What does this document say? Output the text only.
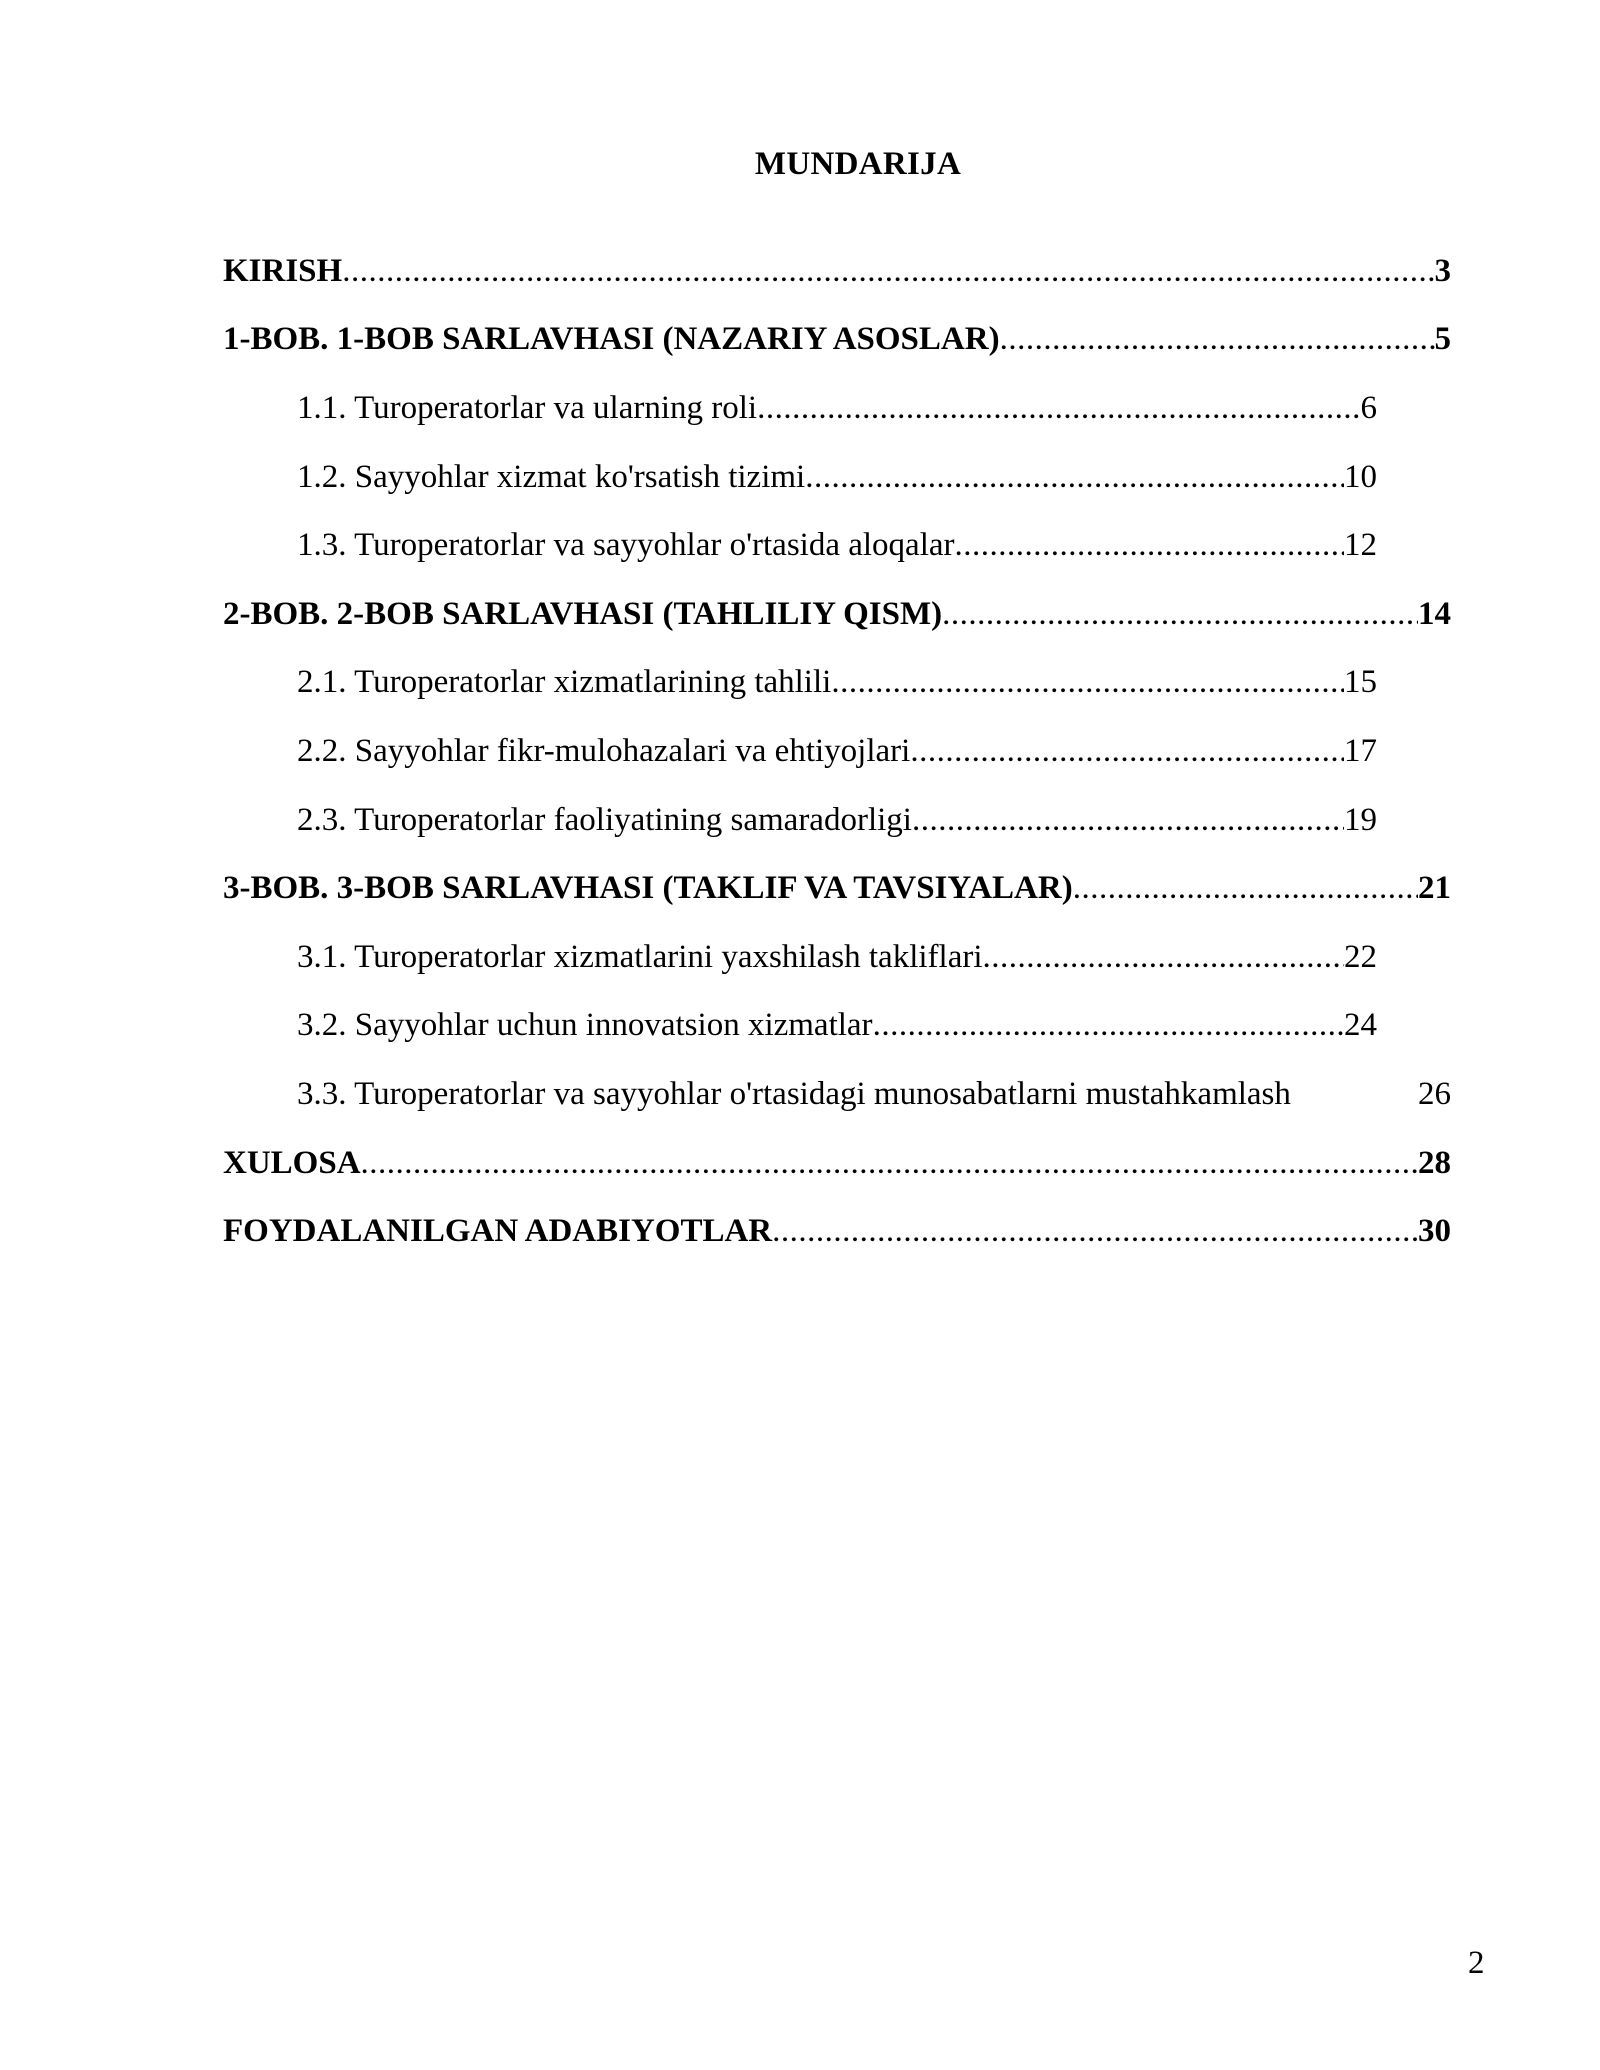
MUNDARIJA
KIRISH .....	3
1-BOB. 1-BOB SARLAVHASI (NAZARIY ASOSLAR) .....	5
1.1. Turoperatorlar va ularning roli .....	6
1.2. Sayyohlar xizmat ko'rsatish tizimi .....	10
1.3. Turoperatorlar va sayyohlar o'rtasida aloqalar .....	12
2-BOB. 2-BOB SARLAVHASI (TAHLILIY QISM) .....	14
2.1. Turoperatorlar xizmatlarining tahlili .....	15
2.2. Sayyohlar fikr-mulohazalari va ehtiyojlari .....	17
2.3. Turoperatorlar faoliyatining samaradorligi .....	19
3-BOB. 3-BOB SARLAVHASI (TAKLIF VA TAVSIYALAR) .....	21
3.1. Turoperatorlar xizmatlarini yaxshilash takliflari .....	22
3.2. Sayyohlar uchun innovatsion xizmatlar .....	24
3.3. Turoperatorlar va sayyohlar o'rtasidagi munosabatlarni mustahkamlash	26
XULOSA .....	28
FOYDALANILGAN ADABIYOTLAR .....	30
2
